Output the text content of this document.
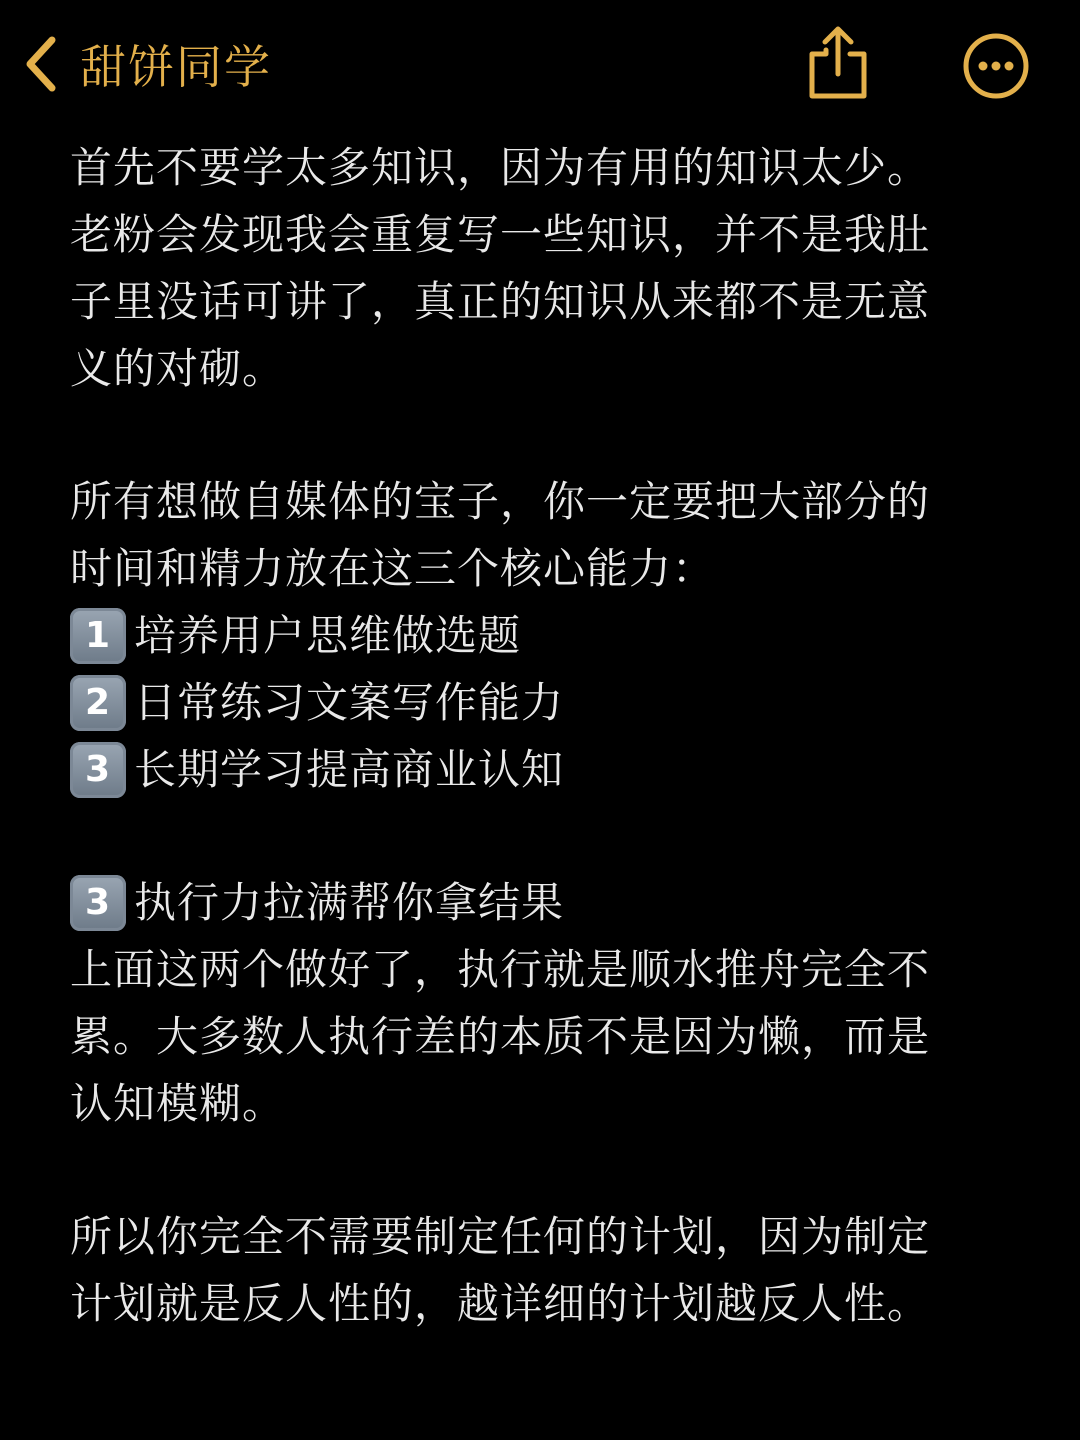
甜饼同学
首先不要学太多知识，因为有用的知识太少。
老粉会发现我会重复写一些知识，并不是我肚
子里没话可讲了，真正的知识从来都不是无意
义的对砌。
所有想做自媒体的宝子，你一定要把大部分的
时间和精力放在这三个核心能力：
1 培养用户思维做选题
2 日常练习文案写作能力
3 长期学习提高商业认知
3 执行力拉满帮你拿结果
上面这两个做好了，执行就是顺水推舟完全不
累。大多数人执行差的本质不是因为懒，而是
认知模糊。
所以你完全不需要制定任何的计划，因为制定
计划就是反人性的，越详细的计划越反人性。
